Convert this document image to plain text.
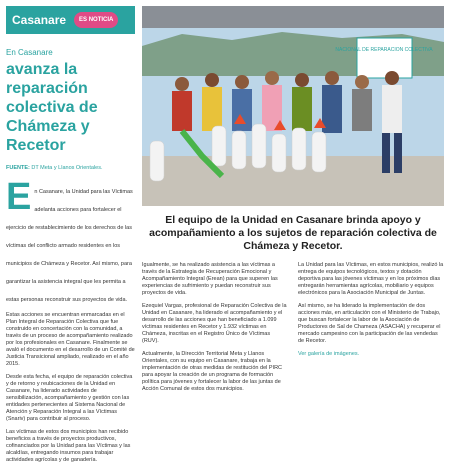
Casanare	ES NOTICIA
En Casanare
avanza la reparación colectiva de Chámeza y Recetor
FUENTE: DT Meta y Llanos Orientales.
E n Casanare, la Unidad para las Víctimas adelanta acciones para fortalecer el ejercicio de restablecimiento de los derechos de las víctimas del conflicto armado residentes en los municipios de Chámeza y Recetor. Así mismo, para garantizar la asistencia integral que les permita a estas personas reconstruir sus proyectos de vida.
Estas acciones se encuentran enmarcadas en el Plan Integral de Reparación Colectiva que fue construido en concertación con la comunidad, a través de un proceso de acompañamiento realizado por los profesionales en Casanare. Finalmente se avaló el documento en el desarrollo de un Comité de Justicia Transicional ampliado, realizado en el año 2015.
Desde esta fecha, el equipo de reparación colectiva y de retorno y reubicaciones de la Unidad en Casanare, ha liderado actividades de sensibilización, acompañamiento y gestión con las entidades pertenecientes al Sistema Nacional de Atención y Reparación Integral a las Víctimas (Snariv) para contribuir al proceso.
Las víctimas de estos dos municipios han recibido beneficios a través de proyectos productivos, cofinanciados por la Unidad para las Víctimas y las alcaldías, entregando insumos para trabajar actividades agrícolas y de ganadería.
NACIONAL DE REPARACION COLECTIVA
El equipo de la Unidad en Casanare brinda apoyo y acompañamiento a los sujetos de reparación colectiva de Chámeza y Recetor.
Igualmente, se ha realizado asistencia a las víctimas a través de la Estrategia de Recuperación Emocional y Acompañamiento Integral (Erean) para que superen las experiencias de sufrimiento y puedan reconstruir sus proyectos de vida.
Ezequiel Vargas, profesional de Reparación Colectiva de la Unidad en Casanare, ha liderado el acompañamiento y el desarrollo de las acciones que han beneficiado a 1.099 víctimas residentes en Recetor y 1.932 víctimas en Chámeza, inscritas en el Registro Único de Víctimas (RUV).
Actualmente, la Dirección Territorial Meta y Llanos Orientales, con su equipo en Casanare, trabaja en la implementación de otras medidas de restitución del PIRC para apoyar la creación de un programa de formación política para jóvenes y fortalecer la labor de las juntas de Acción Comunal de estos dos municipios.
La Unidad para las Víctimas, en estos municipios, realizó la entrega de equipos tecnológicos, textos y dotación deportiva para las jóvenes víctimas y en los próximos días entregarán herramientas agrícolas, mobiliario y equipos electrónicos para la Asociación Municipal de Juntas.
Así mismo, se ha liderado la implementación de dos acciones más, en articulación con el Ministerio de Trabajo, que buscan fortalecer la labor de la Asociación de Productores de Sal de Chameza (ASACHA) y recuperar el mercado campesino con la participación de las vendedas de Recetor.
Ver galería de imágenes.
